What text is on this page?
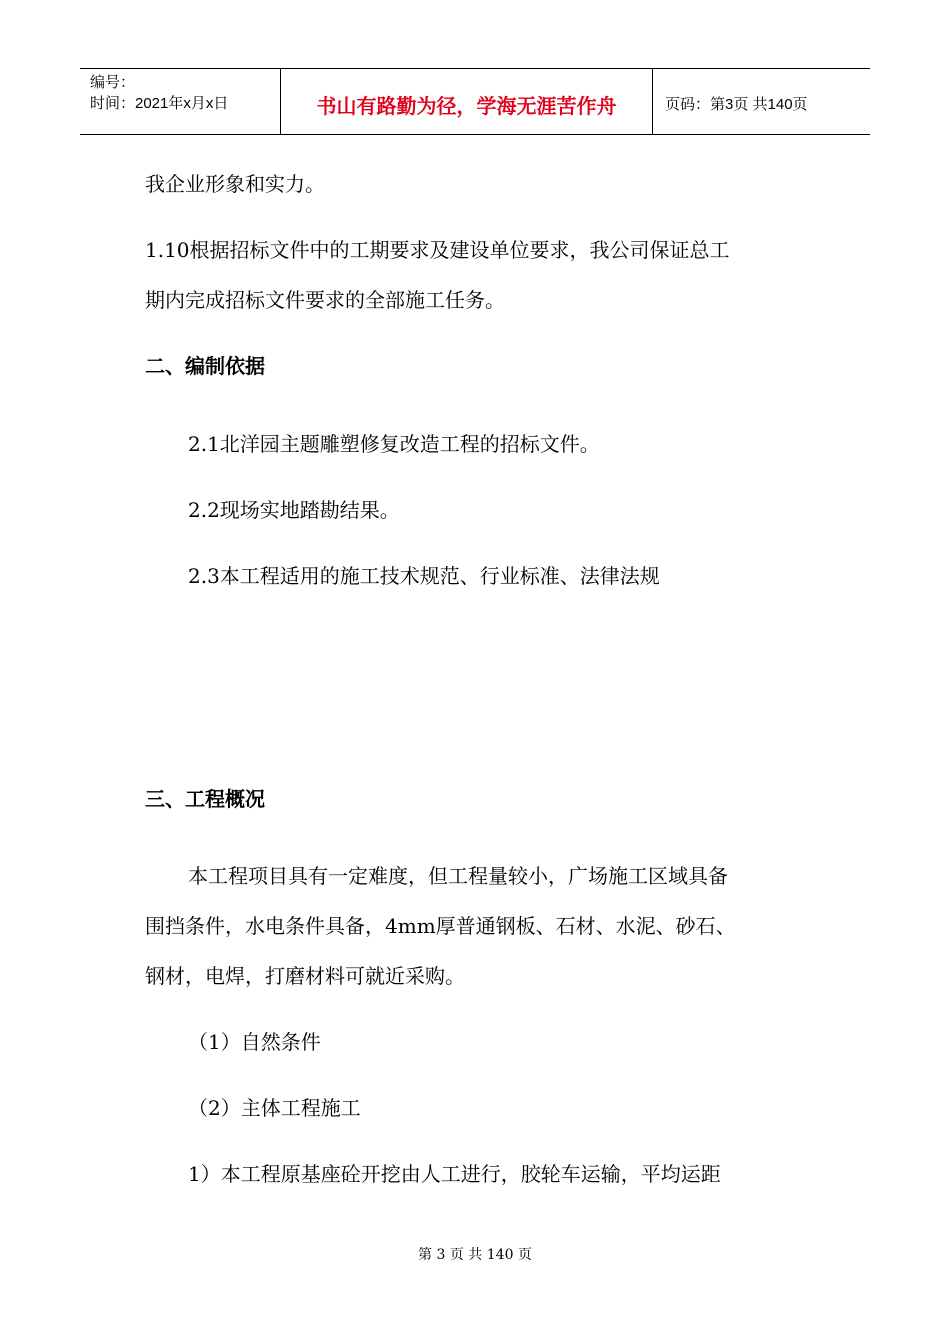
编号：
时间：2021年x月x日	书山有路勤为径，学海无涯苦作舟	页码：第3页 共140页
我企业形象和实力。
1.10根据招标文件中的工期要求及建设单位要求，我公司保证总工
期内完成招标文件要求的全部施工任务。
二、编制依据
2.1北洋园主题雕塑修复改造工程的招标文件。
2.2现场实地踏勘结果。
2.3本工程适用的施工技术规范、行业标准、法律法规
三、工程概况
本工程项目具有一定难度，但工程量较小，广场施工区域具备
围挡条件，水电条件具备，4mm厚普通钢板、石材、水泥、砂石、
钢材，电焊，打磨材料可就近采购。
（1）自然条件
（2）主体工程施工
1）本工程原基座砼开挖由人工进行，胶轮车运输，平均运距
第 3 页 共 140 页
